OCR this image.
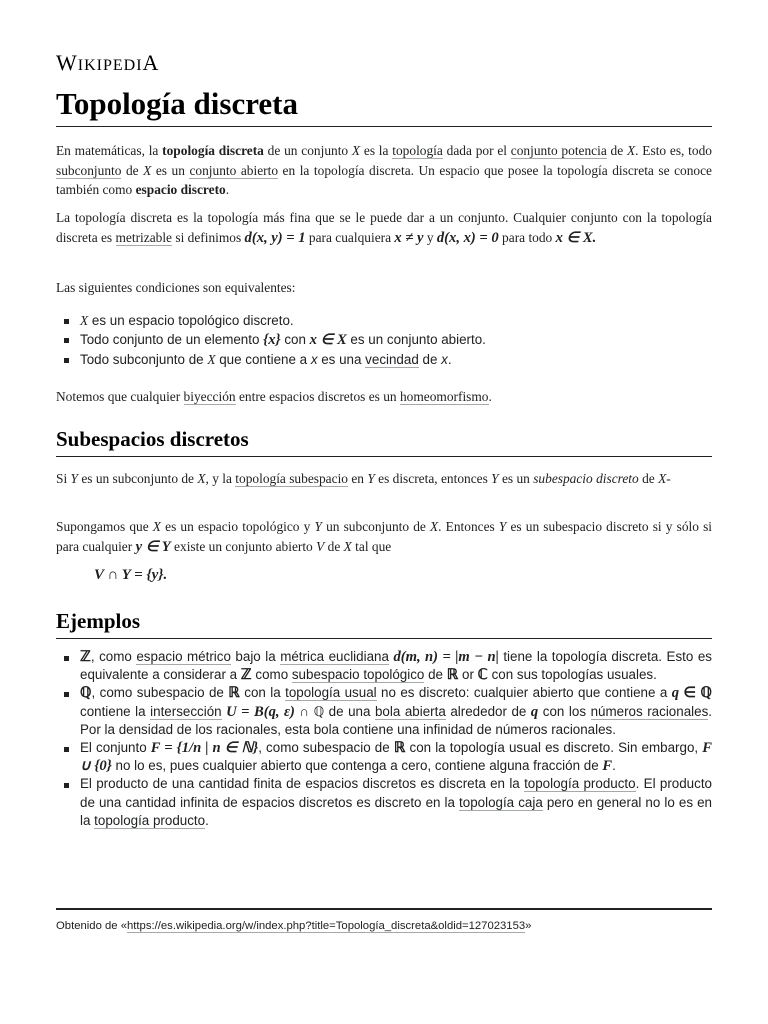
WIKIPEDIA
Topología discreta

En matemáticas, la topología discreta de un conjunto X es la topología dada por el conjunto potencia de X. Esto es, todo subconjunto de X es un conjunto abierto en la topología discreta. Un espacio que posee la topología discreta se conoce también como espacio discreto.

La topología discreta es la topología más fina que se le puede dar a un conjunto. Cualquier conjunto con la topología discreta es metrizable si definimos d(x, y) = 1 para cualquiera x ≠ y y d(x, x) = 0 para todo x ∈ X.

Las siguientes condiciones son equivalentes:

X es un espacio topológico discreto.
Todo conjunto de un elemento {x} con x ∈ X es un conjunto abierto.
Todo subconjunto de X que contiene a x es una vecindad de x.

Notemos que cualquier biyección entre espacios discretos es un homeomorfismo.

Subespacios discretos

Si Y es un subconjunto de X, y la topología subespacio en Y es discreta, entonces Y es un subespacio discreto de X-

Supongamos que X es un espacio topológico y Y un subconjunto de X. Entonces Y es un subespacio discreto si y sólo si para cualquier y ∈ Y existe un conjunto abierto V de X tal que

V ∩ Y = {y}.
Ejemplos
ℤ, como espacio métrico bajo la métrica euclidiana d(m, n) = |m − n| tiene la topología discreta. Esto es equivalente a considerar a ℤ como subespacio topológico de ℝ or ℂ con sus topologías usuales.
ℚ, como subespacio de ℝ con la topología usual no es discreto: cualquier abierto que contiene a q ∈ ℚ contiene la intersección U = B(q, ε) ∩ ℚ de una bola abierta alrededor de q con los números racionales. Por la densidad de los racionales, esta bola contiene una infinidad de números racionales.
El conjunto F = {1/n | n ∈ ℕ}, como subespacio de ℝ con la topología usual es discreto. Sin embargo, F ∪ {0} no lo es, pues cualquier abierto que contenga a cero, contiene alguna fracción de F.
El producto de una cantidad finita de espacios discretos es discreta en la topología producto. El producto de una cantidad infinita de espacios discretos es discreto en la topología caja pero en general no lo es en la topología producto.
Obtenido de «https://es.wikipedia.org/w/index.php?title=Topología_discreta&oldid=127023153»
